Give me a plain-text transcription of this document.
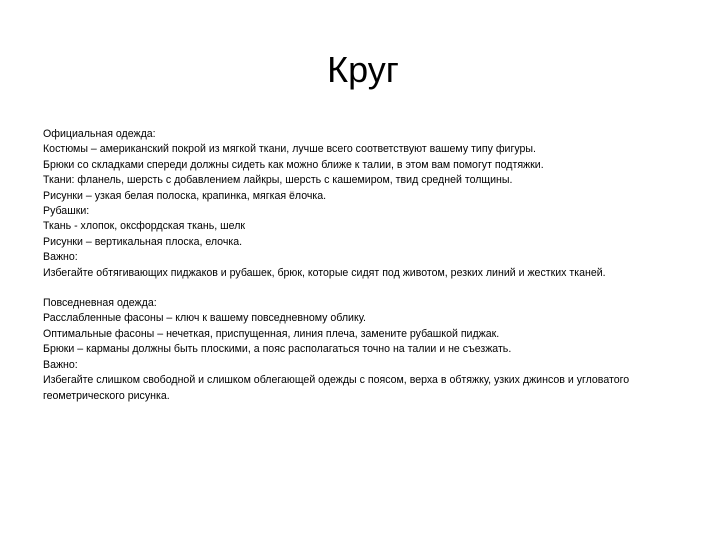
Круг
Официальная одежда:
Костюмы – американский покрой из мягкой ткани, лучше всего соответствуют вашему типу фигуры.
Брюки со складками спереди должны сидеть как можно ближе к талии, в этом вам помогут подтяжки.
Ткани: фланель, шерсть с добавлением лайкры, шерсть с кашемиром, твид средней толщины.
Рисунки – узкая белая полоска, крапинка, мягкая ёлочка.
Рубашки:
Ткань - хлопок, оксфордская ткань, шелк
Рисунки – вертикальная плоска, елочка.
Важно:
Избегайте обтягивающих пиджаков и рубашек, брюк, которые сидят под животом, резких линий и жестких тканей.
Повседневная одежда:
Расслабленные фасоны – ключ к вашему повседневному облику.
Оптимальные фасоны – нечеткая, приспущенная, линия плеча, замените рубашкой пиджак.
Брюки – карманы должны быть плоскими, а пояс располагаться точно на талии и не съезжать.
Важно:
Избегайте слишком свободной и слишком облегающей одежды с поясом, верха в обтяжку, узких джинсов и угловатого геометрического рисунка.
